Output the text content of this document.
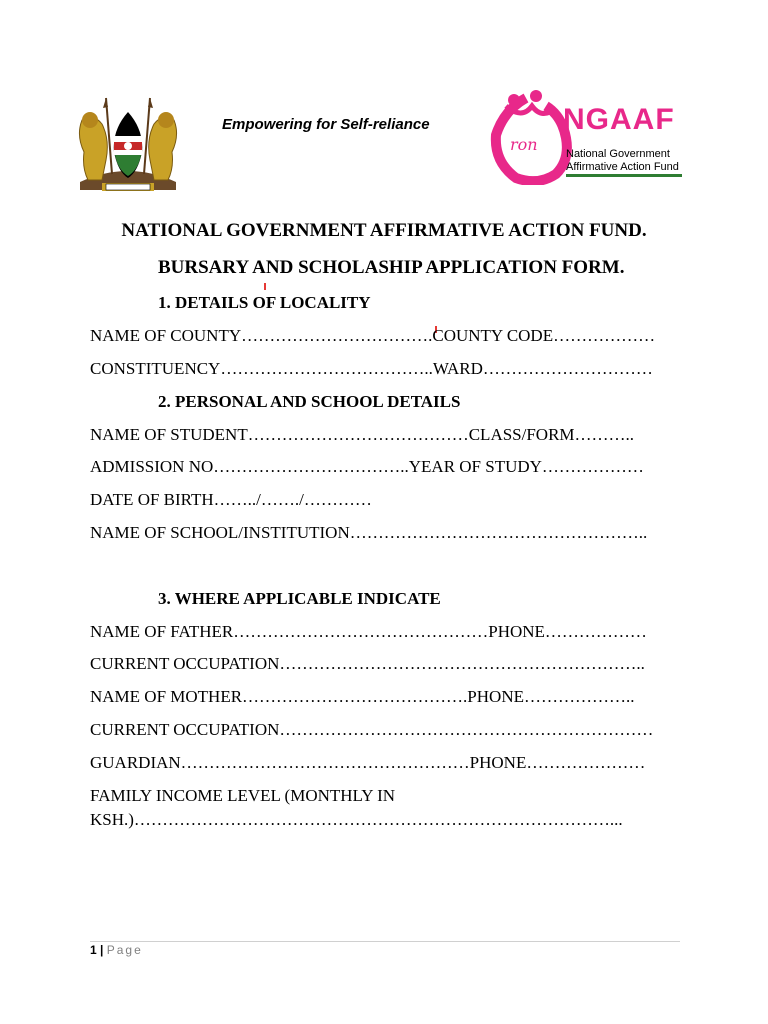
Empowering for Self-reliance
ron
NGAAF
National Government
Affirmative Action Fund
NATIONAL GOVERNMENT AFFIRMATIVE ACTION FUND.
BURSARY AND SCHOLASHIP APPLICATION FORM.
1. DETAILS OF LOCALITY
NAME OF COUNTY…………………………….COUNTY CODE………………
CONSTITUENCY………………………………..WARD…………………………
2. PERSONAL AND SCHOOL DETAILS
NAME OF STUDENT…………………………………CLASS/FORM………..
ADMISSION NO……………………………..YEAR OF STUDY………………
DATE OF BIRTH……../……./…………
NAME OF SCHOOL/INSTITUTION……………………………………………..
3. WHERE APPLICABLE INDICATE
NAME OF FATHER………………………………………PHONE………………
CURRENT OCCUPATION………………………………………………………..
NAME OF MOTHER………………………………….PHONE………………..
CURRENT OCCUPATION…………………………………………………………
GUARDIAN……………………………………………PHONE…………………
FAMILY INCOME LEVEL (MONTHLY IN
KSH.)…………………………………………………………………………...
1 | Page
